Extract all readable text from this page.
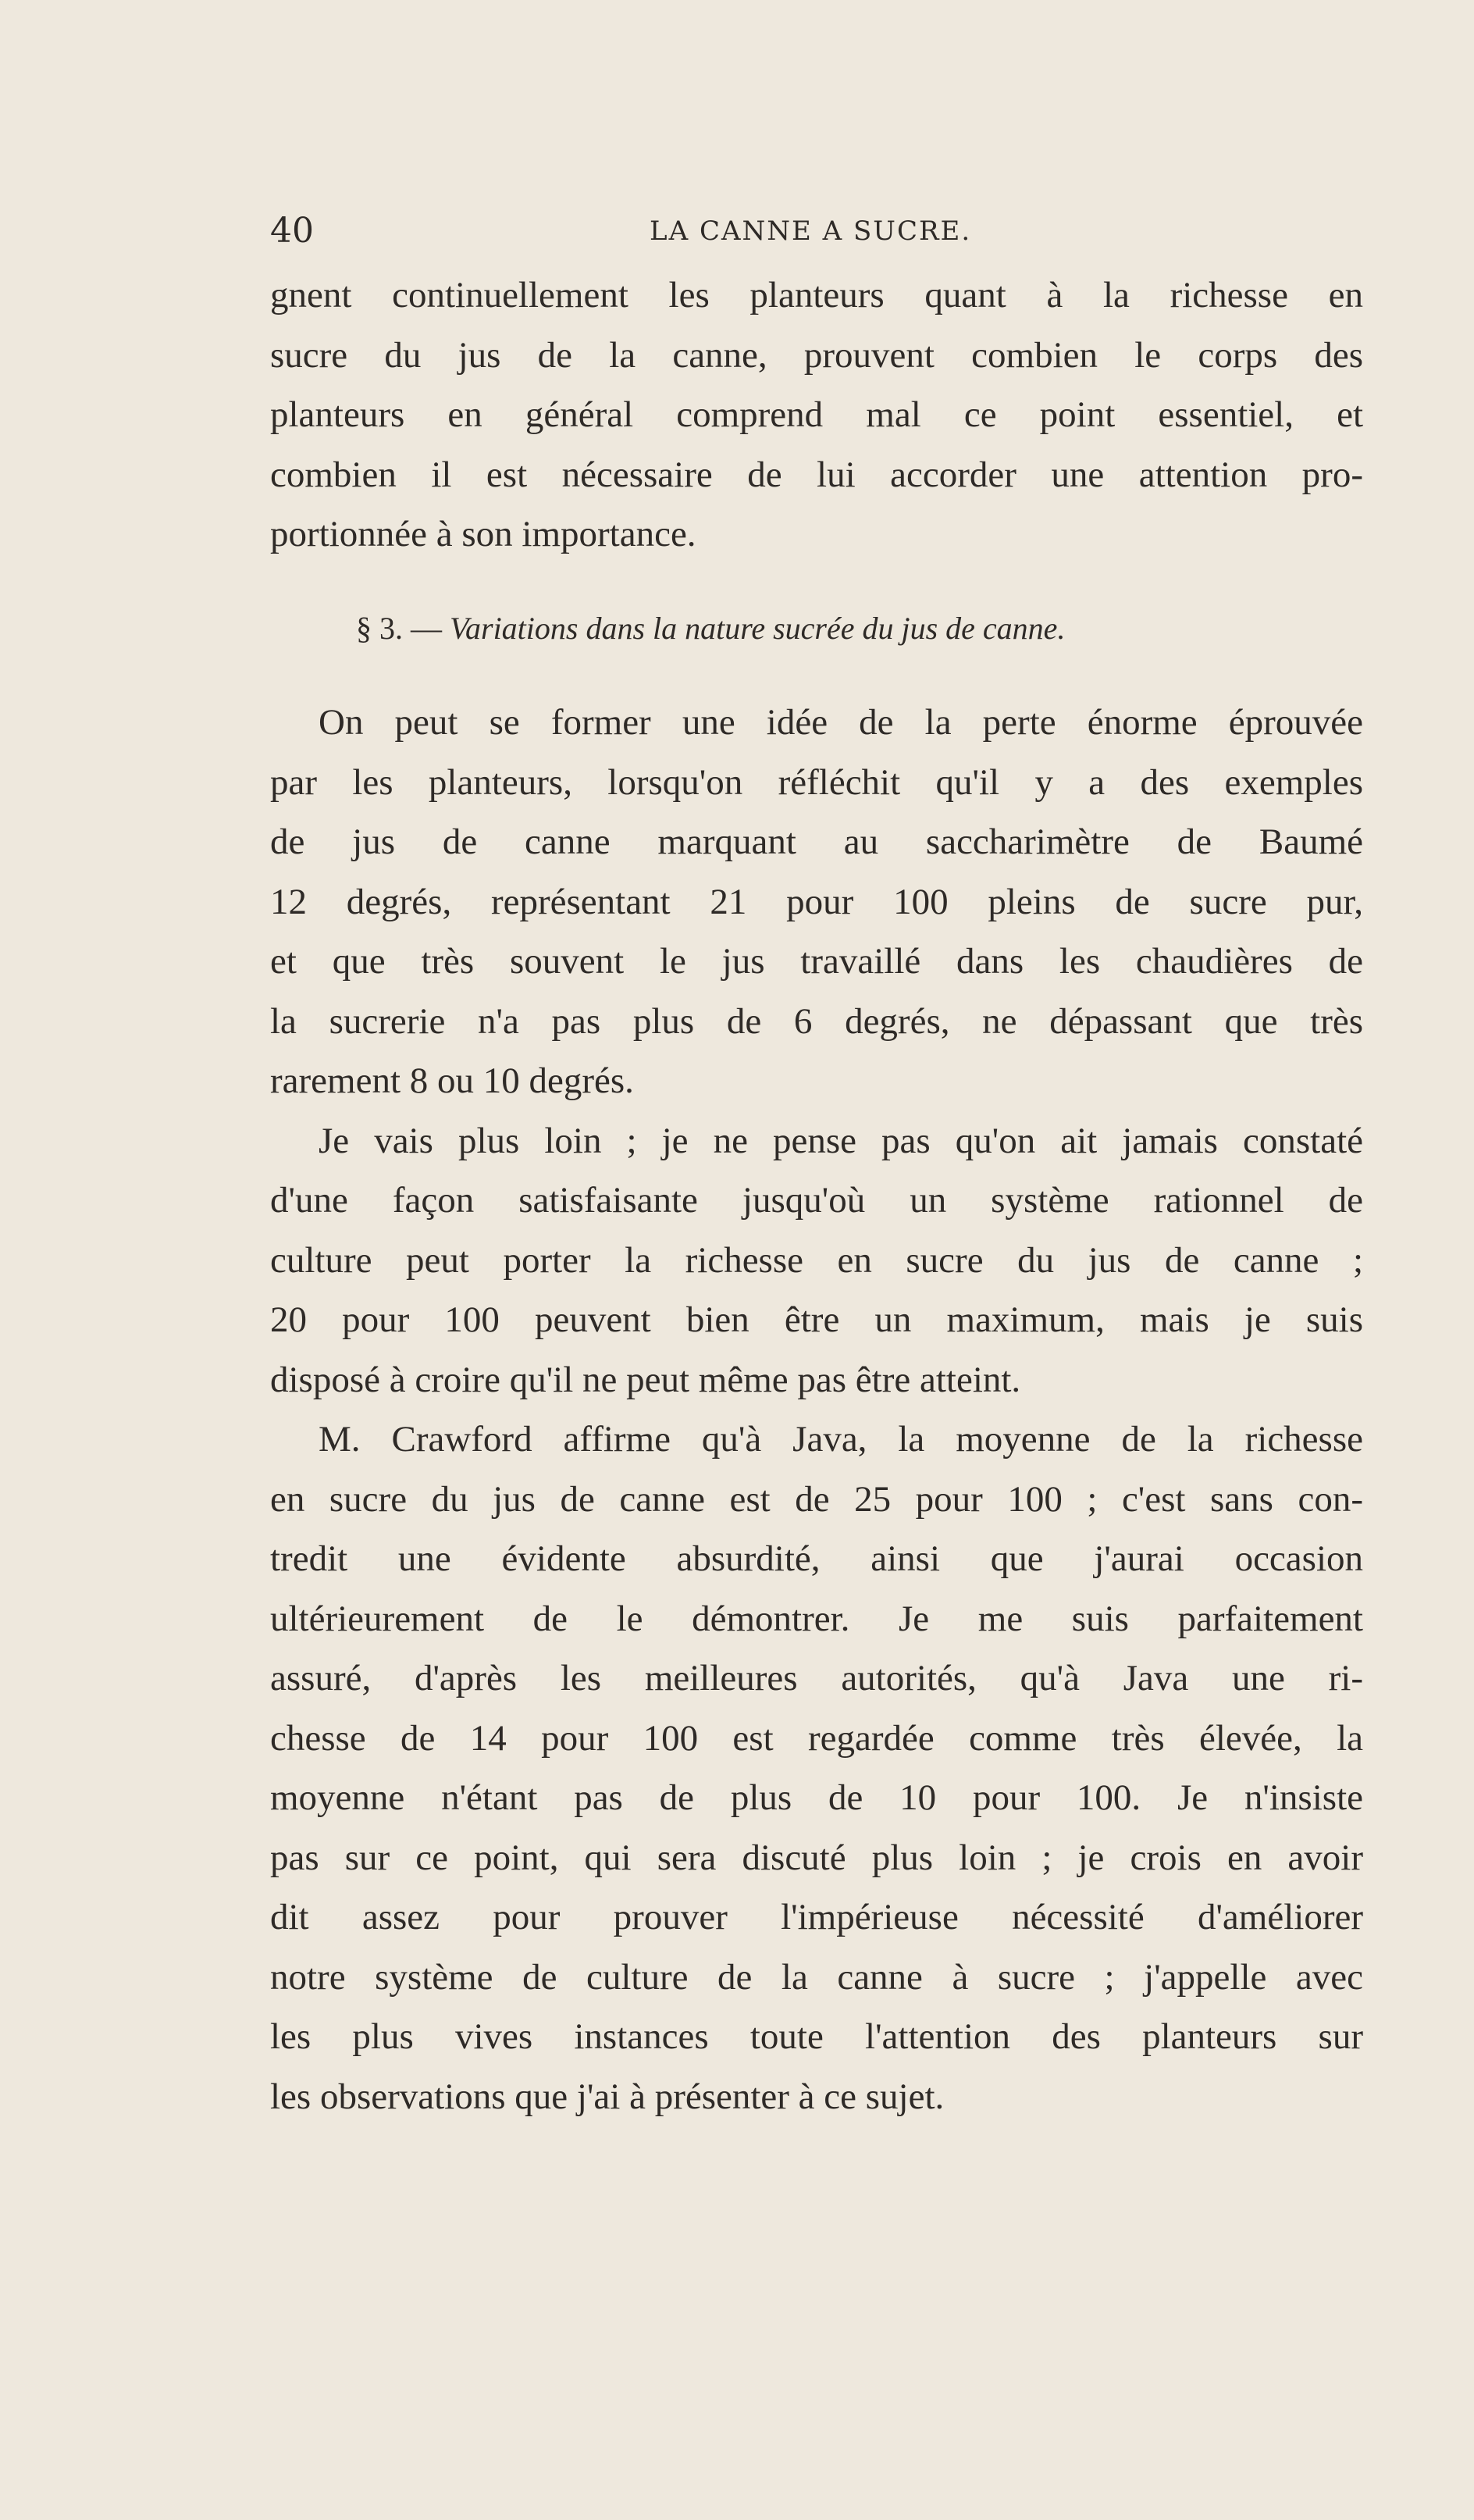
40	LA CANNE A SUCRE.
gnent continuellement les planteurs quant à la richesse en
sucre du jus de la canne, prouvent combien le corps des
planteurs en général comprend mal ce point essentiel, et
combien il est nécessaire de lui accorder une attention pro-
portionnée à son importance.
§ 3. — Variations dans la nature sucrée du jus de canne.
On peut se former une idée de la perte énorme éprouvée
par les planteurs, lorsqu'on réfléchit qu'il y a des exemples
de jus de canne marquant au saccharimètre de Baumé
12 degrés, représentant 21 pour 100 pleins de sucre pur,
et que très souvent le jus travaillé dans les chaudières de
la sucrerie n'a pas plus de 6 degrés, ne dépassant que très
rarement 8 ou 10 degrés.
Je vais plus loin ; je ne pense pas qu'on ait jamais constaté
d'une façon satisfaisante jusqu'où un système rationnel de
culture peut porter la richesse en sucre du jus de canne ;
20 pour 100 peuvent bien être un maximum, mais je suis
disposé à croire qu'il ne peut même pas être atteint.
M. Crawford affirme qu'à Java, la moyenne de la richesse
en sucre du jus de canne est de 25 pour 100 ; c'est sans con-
tredit une évidente absurdité, ainsi que j'aurai occasion
ultérieurement de le démontrer. Je me suis parfaitement
assuré, d'après les meilleures autorités, qu'à Java une ri-
chesse de 14 pour 100 est regardée comme très élevée, la
moyenne n'étant pas de plus de 10 pour 100. Je n'insiste
pas sur ce point, qui sera discuté plus loin ; je crois en avoir
dit assez pour prouver l'impérieuse nécessité d'améliorer
notre système de culture de la canne à sucre ; j'appelle avec
les plus vives instances toute l'attention des planteurs sur
les observations que j'ai à présenter à ce sujet.
